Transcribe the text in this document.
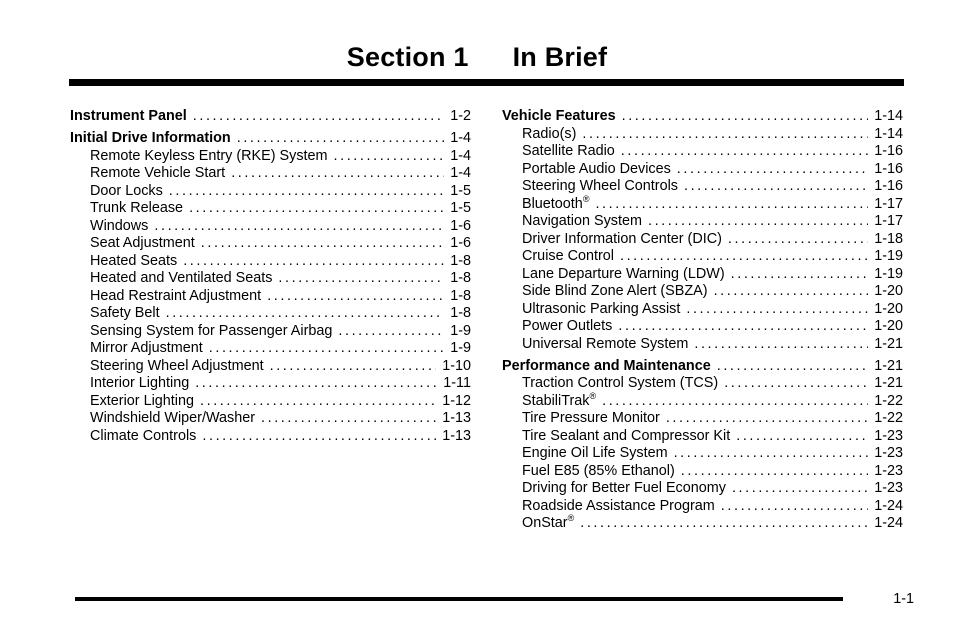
Section 1 In Brief
Instrument Panel .....	1-2
Initial Drive Information .....	1-4
Remote Keyless Entry (RKE) System .....	1-4
Remote Vehicle Start .....	1-4
Door Locks .....	1-5
Trunk Release .....	1-5
Windows .....	1-6
Seat Adjustment .....	1-6
Heated Seats .....	1-8
Heated and Ventilated Seats .....	1-8
Head Restraint Adjustment .....	1-8
Safety Belt .....	1-8
Sensing System for Passenger Airbag .....	1-9
Mirror Adjustment .....	1-9
Steering Wheel Adjustment .....	1-10
Interior Lighting .....	1-11
Exterior Lighting .....	1-12
Windshield Wiper/Washer .....	1-13
Climate Controls .....	1-13
Vehicle Features .....	1-14
Radio(s) .....	1-14
Satellite Radio .....	1-16
Portable Audio Devices .....	1-16
Steering Wheel Controls .....	1-16
Bluetooth® .....	1-17
Navigation System .....	1-17
Driver Information Center (DIC) .....	1-18
Cruise Control .....	1-19
Lane Departure Warning (LDW) .....	1-19
Side Blind Zone Alert (SBZA) .....	1-20
Ultrasonic Parking Assist .....	1-20
Power Outlets .....	1-20
Universal Remote System .....	1-21
Performance and Maintenance .....	1-21
Traction Control System (TCS) .....	1-21
StabiliTrak® .....	1-22
Tire Pressure Monitor .....	1-22
Tire Sealant and Compressor Kit .....	1-23
Engine Oil Life System .....	1-23
Fuel E85 (85% Ethanol) .....	1-23
Driving for Better Fuel Economy .....	1-23
Roadside Assistance Program .....	1-24
OnStar® .....	1-24
1-1
